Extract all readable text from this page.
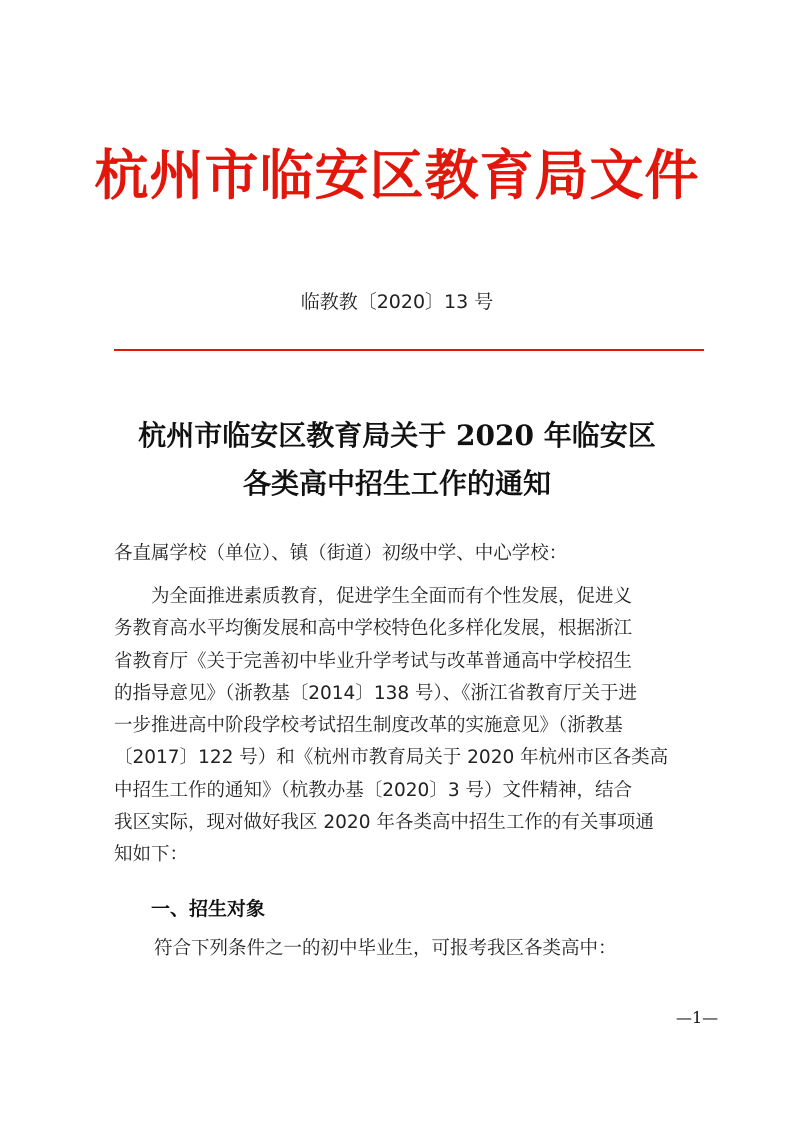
杭州市临安区教育局文件
临教教〔2020〕13 号
杭州市临安区教育局关于 2020 年临安区
各类高中招生工作的通知
各直属学校（单位）、镇（街道）初级中学、中心学校：
　　为全面推进素质教育，促进学生全面而有个性发展，促进义
务教育高水平均衡发展和高中学校特色化多样化发展，根据浙江
省教育厅《关于完善初中毕业升学考试与改革普通高中学校招生
的指导意见》（浙教基〔2014〕138 号）、《浙江省教育厅关于进
一步推进高中阶段学校考试招生制度改革的实施意见》（浙教基
〔2017〕122 号）和《杭州市教育局关于 2020 年杭州市区各类高
中招生工作的通知》（杭教办基〔2020〕3 号）文件精神，结合
我区实际，现对做好我区 2020 年各类高中招生工作的有关事项通
知如下：
一、招生对象
符合下列条件之一的初中毕业生，可报考我区各类高中：
—1—
